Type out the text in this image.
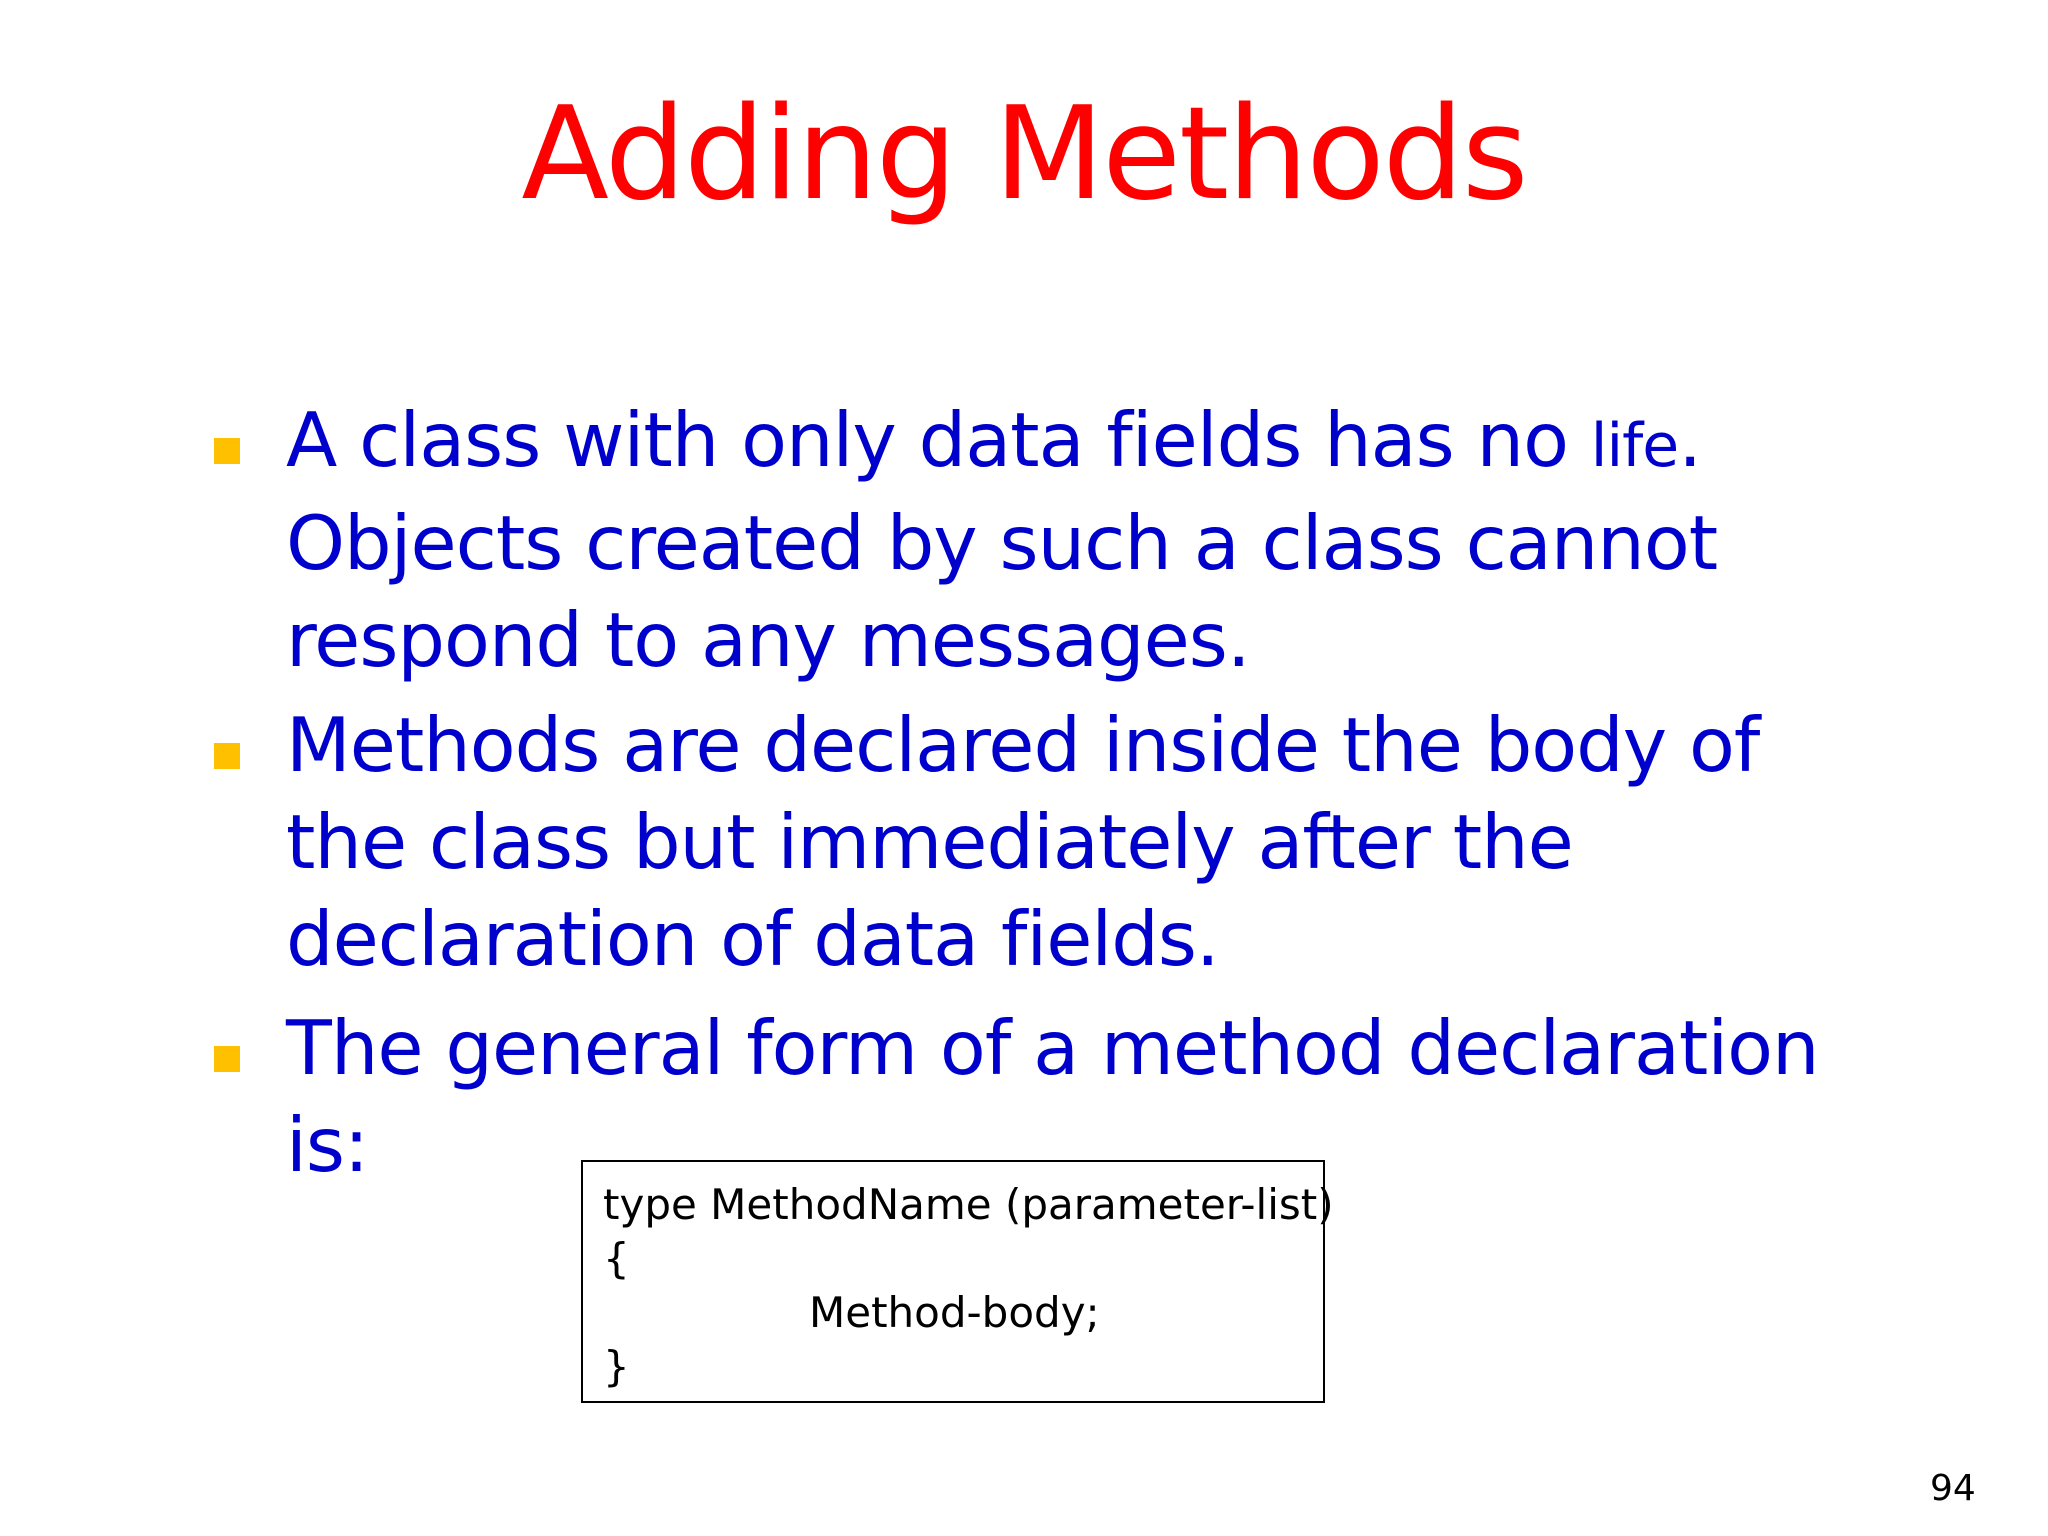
Adding Methods
A class with only data fields has no life.
Objects created by such a class cannot
respond to any messages.
Methods are declared inside the body of
the class but immediately after the
declaration of data fields.
The general form of a method declaration
is:
type MethodName (parameter-list)
{
Method-body;
}
94
